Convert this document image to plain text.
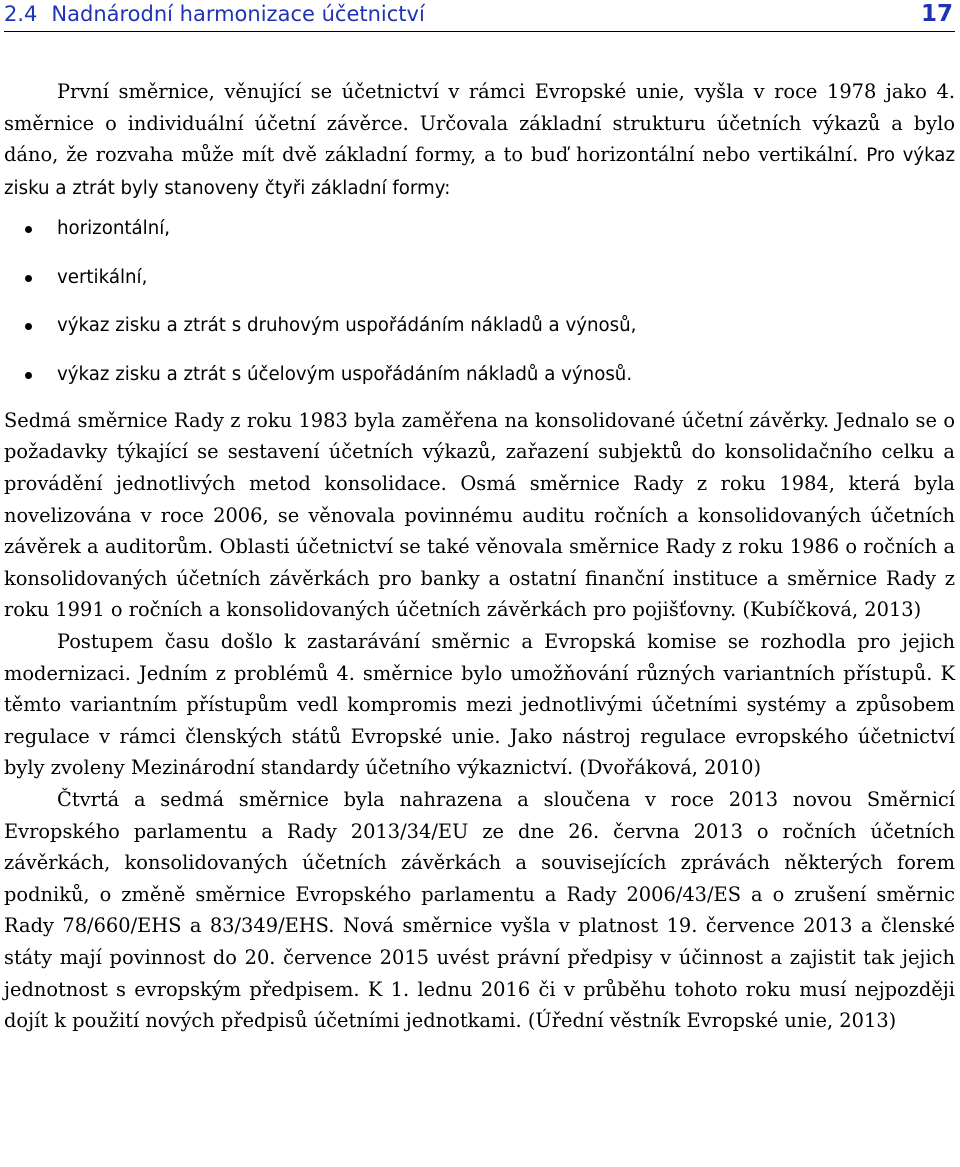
2.4 Nadnárodní harmonizace účetnictví	17

První směrnice, věnující se účetnictví v rámci Evropské unie, vyšla v roce 1978 jako 4. směrnice o individuální účetní závěrce. Určovala základní strukturu účetních výkazů a bylo dáno, že rozvaha může mít dvě základní formy, a to buď horizontální nebo vertikální. Pro výkaz zisku a ztrát byly stanoveny čtyři základní formy:

horizontální,
vertikální,
výkaz zisku a ztrát s druhovým uspořádáním nákladů a výnosů,
výkaz zisku a ztrát s účelovým uspořádáním nákladů a výnosů.

Sedmá směrnice Rady z roku 1983 byla zaměřena na konsolidované účetní závěrky. Jednalo se o požadavky týkající se sestavení účetních výkazů, zařazení subjektů do konsolidačního celku a provádění jednotlivých metod konsolidace. Osmá směrnice Rady z roku 1984, která byla novelizována v roce 2006, se věnovala povinnému auditu ročních a konsolidovaných účetních závěrek a auditorům. Oblasti účetnictví se také věnovala směrnice Rady z roku 1986 o ročních a konsolidovaných účetních závěrkách pro banky a ostatní finanční instituce a směrnice Rady z roku 1991 o ročních a konsolidovaných účetních závěrkách pro pojišťovny. (Kubíčková, 2013)

Postupem času došlo k zastarávání směrnic a Evropská komise se rozhodla pro jejich modernizaci. Jedním z problémů 4. směrnice bylo umožňování různých variantních přístupů. K těmto variantním přístupům vedl kompromis mezi jednotlivými účetními systémy a způsobem regulace v rámci členských států Evropské unie. Jako nástroj regulace evropského účetnictví byly zvoleny Mezinárodní standardy účetního výkaznictví. (Dvořáková, 2010)

Čtvrtá a sedmá směrnice byla nahrazena a sloučena v roce 2013 novou Směrnicí Evropského parlamentu a Rady 2013/34/EU ze dne 26. června 2013 o ročních účetních závěrkách, konsolidovaných účetních závěrkách a souvisejících zprávách některých forem podniků, o změně směrnice Evropského parlamentu a Rady 2006/43/ES a o zrušení směrnic Rady 78/660/EHS a 83/349/EHS. Nová směrnice vyšla v platnost 19. července 2013 a členské státy mají povinnost do 20. července 2015 uvést právní předpisy v účinnost a zajistit tak jejich jednotnost s evropským předpisem. K 1. lednu 2016 či v průběhu tohoto roku musí nejpozději dojít k použití nových předpisů účetními jednotkami. (Úřední věstník Evropské unie, 2013)
